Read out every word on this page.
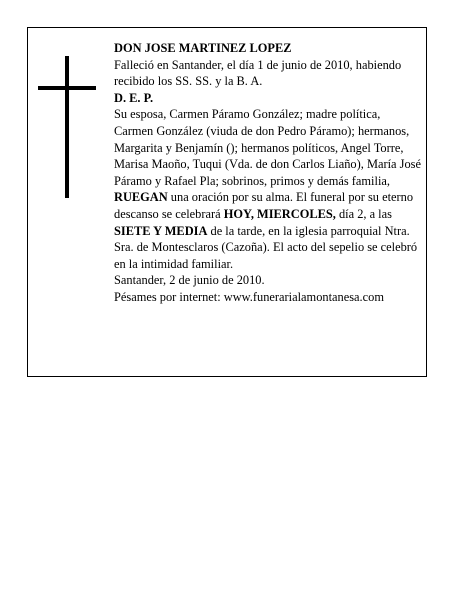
DON JOSE MARTINEZ LOPEZ

Falleció en Santander, el día 1 de junio de 2010, habiendo recibido los SS. SS. y la B. A.

D. E. P.

Su esposa, Carmen Páramo González; madre política, Carmen González (viuda de don Pedro Páramo); hermanos, Margarita y Benjamín (); hermanos políticos, Angel Torre, Marisa Maoño, Tuqui (Vda. de don Carlos Liaño), María José Páramo y Rafael Pla; sobrinos, primos y demás familia,

RUEGAN una oración por su alma. El funeral por su eterno descanso se celebrará HOY, MIERCOLES, día 2, a las SIETE Y MEDIA de la tarde, en la iglesia parroquial Ntra. Sra. de Montesclaros (Cazoña). El acto del sepelio se celebró en la intimidad familiar.

Santander, 2 de junio de 2010.

Pésames por internet: www.funerarialamontanesa.com
